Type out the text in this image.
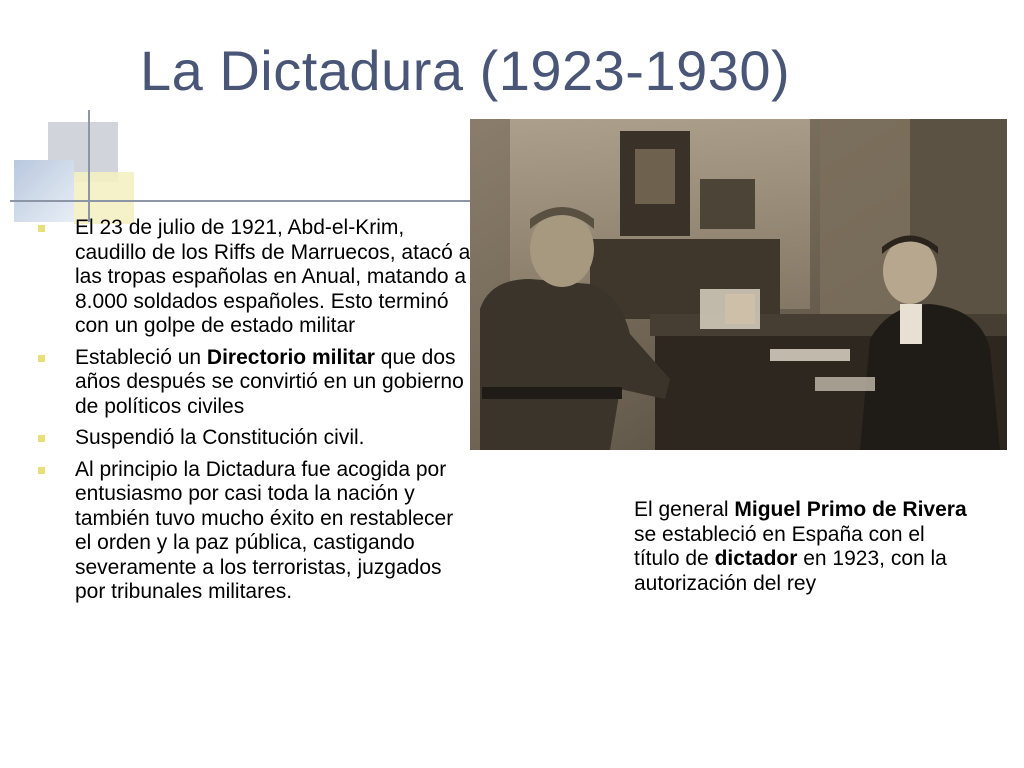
La Dictadura (1923-1930)
El 23 de julio de 1921, Abd-el-Krim, caudillo de los Riffs de Marruecos, atacó a las tropas españolas en Anual, matando a 8.000 soldados españoles. Esto terminó con un golpe de estado militar
Estableció un Directorio militar que dos años después se convirtió en un gobierno de políticos civiles
Suspendió la Constitución civil.
Al principio la Dictadura fue acogida por entusiasmo por casi toda la nación y también tuvo mucho éxito en restablecer el orden y la paz pública, castigando severamente a los terroristas, juzgados por tribunales militares.

El general Miguel Primo de Rivera se estableció en España con el título de dictador en 1923, con la autorización del rey
